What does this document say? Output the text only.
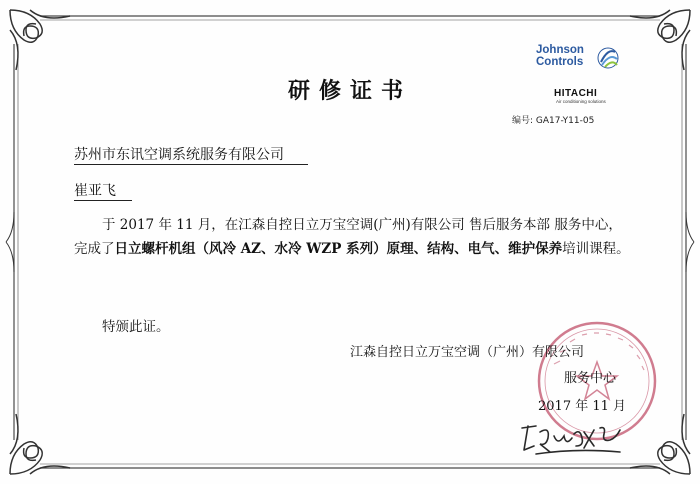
Johnson
Controls
HITACHI
Air conditioning solutions
研修证书
编号: GA17-Y11-05
苏州市东讯空调系统服务有限公司
崔亚飞
于 2017 年 11 月，在江森自控日立万宝空调(广州)有限公司 售后服务本部 服务中心，完成了日立螺杆机组（风冷 AZ、水冷 WZP 系列）原理、结构、电气、维护保养培训课程。
特颁此证。
江森自控日立万宝空调（广州）有限公司
服务中心
2017 年 11 月
